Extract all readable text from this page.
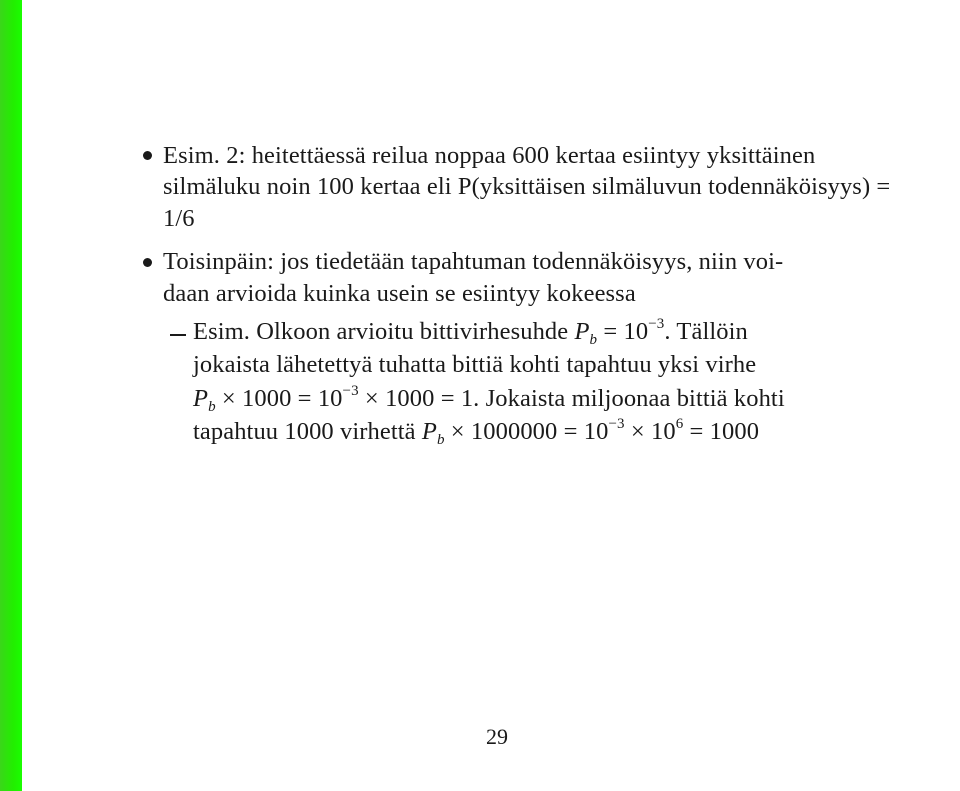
Esim. 2: heitettäessä reilua noppaa 600 kertaa esiintyy yksittäinen
silmäluku noin 100 kertaa eli P(yksittäisen silmäluvun todennäköisyys) =
1/6
Toisinpäin: jos tiedetään tapahtuman todennäköisyys, niin voi-
daan arvioida kuinka usein se esiintyy kokeessa
Esim. Olkoon arvioitu bittivirhesuhde $P_b = 10^{-3}$. Tällöin
jokaista lähetettyä tuhatta bittiä kohti tapahtuu yksi virhe
$P_b \times 1000 = 10^{-3} \times 1000 = 1$. Jokaista miljoonaa bittiä kohti
tapahtuu 1000 virhettä $P_b \times 1000000 = 10^{-3} \times 10^6 = 1000$
29
